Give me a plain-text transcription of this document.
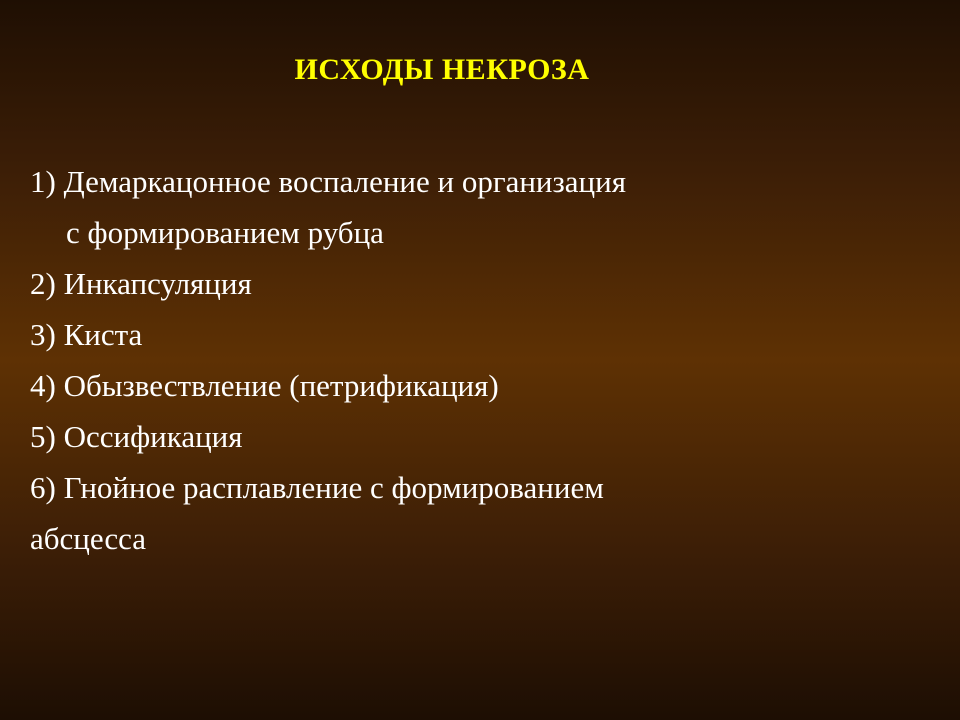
ИСХОДЫ НЕКРОЗА
1) Демаркацонное воспаление и организация
с формированием рубца
2) Инкапсуляция
3) Киста
4) Обызвествление (петрификация)
5) Оссификация
6) Гнойное расплавление с формированием
абсцесса
